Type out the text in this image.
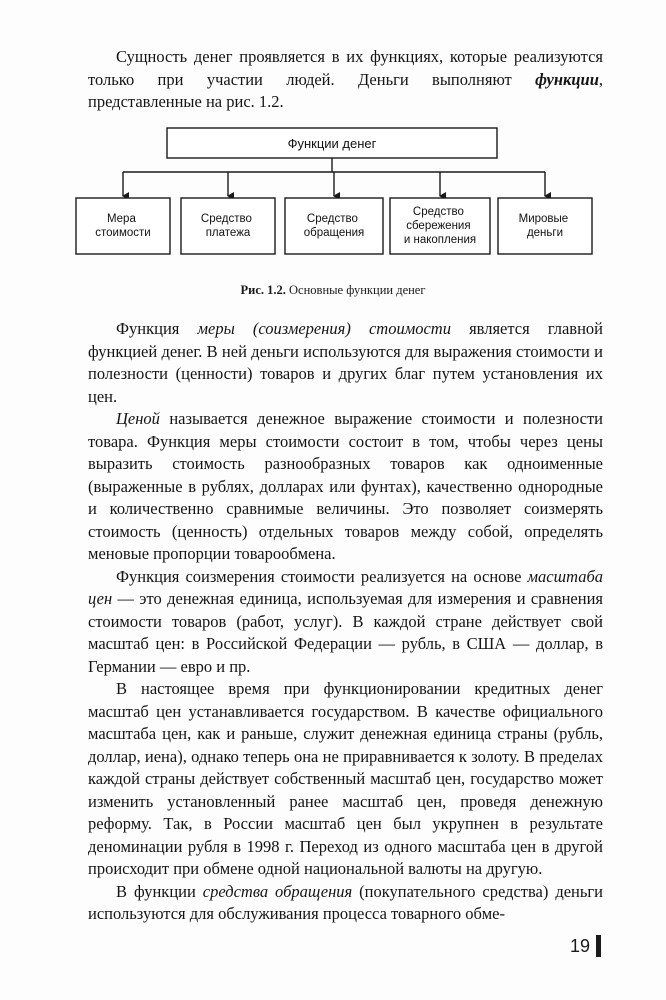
Сущность денег проявляется в их функциях, которые реализуются только при участии людей. Деньги выполняют функции, представленные на рис. 1.2.

Функции денег
Мера стоимости
Средство платежа
Средство обращения
Средство сбережения и накопления
Мировые деньги
Рис. 1.2. Основные функции денег

Функция меры (соизмерения) стоимости является главной функцией денег. В ней деньги используются для выражения стоимости и полезности (ценности) товаров и других благ путем установления их цен.

Ценой называется денежное выражение стоимости и полезности товара. Функция меры стоимости состоит в том, чтобы через цены выразить стоимость разнообразных товаров как одноименные (выраженные в рублях, долларах или фунтах), качественно однородные и количественно сравнимые величины. Это позволяет соизмерять стоимость (ценность) отдельных товаров между собой, определять меновые пропорции товарообмена.

Функция соизмерения стоимости реализуется на основе масштаба цен — это денежная единица, используемая для измерения и сравнения стоимости товаров (работ, услуг). В каждой стране действует свой масштаб цен: в Российской Федерации — рубль, в США — доллар, в Германии — евро и пр.

В настоящее время при функционировании кредитных денег масштаб цен устанавливается государством. В качестве официального масштаба цен, как и раньше, служит денежная единица страны (рубль, доллар, иена), однако теперь она не приравнивается к золоту. В пределах каждой страны действует собственный масштаб цен, государство может изменить установленный ранее масштаб цен, проведя денежную реформу. Так, в России масштаб цен был укрупнен в результате деноминации рубля в 1998 г. Переход из одного масштаба цен в другой происходит при обмене одной национальной валюты на другую.

В функции средства обращения (покупательного средства) деньги используются для обслуживания процесса товарного обме-

19
